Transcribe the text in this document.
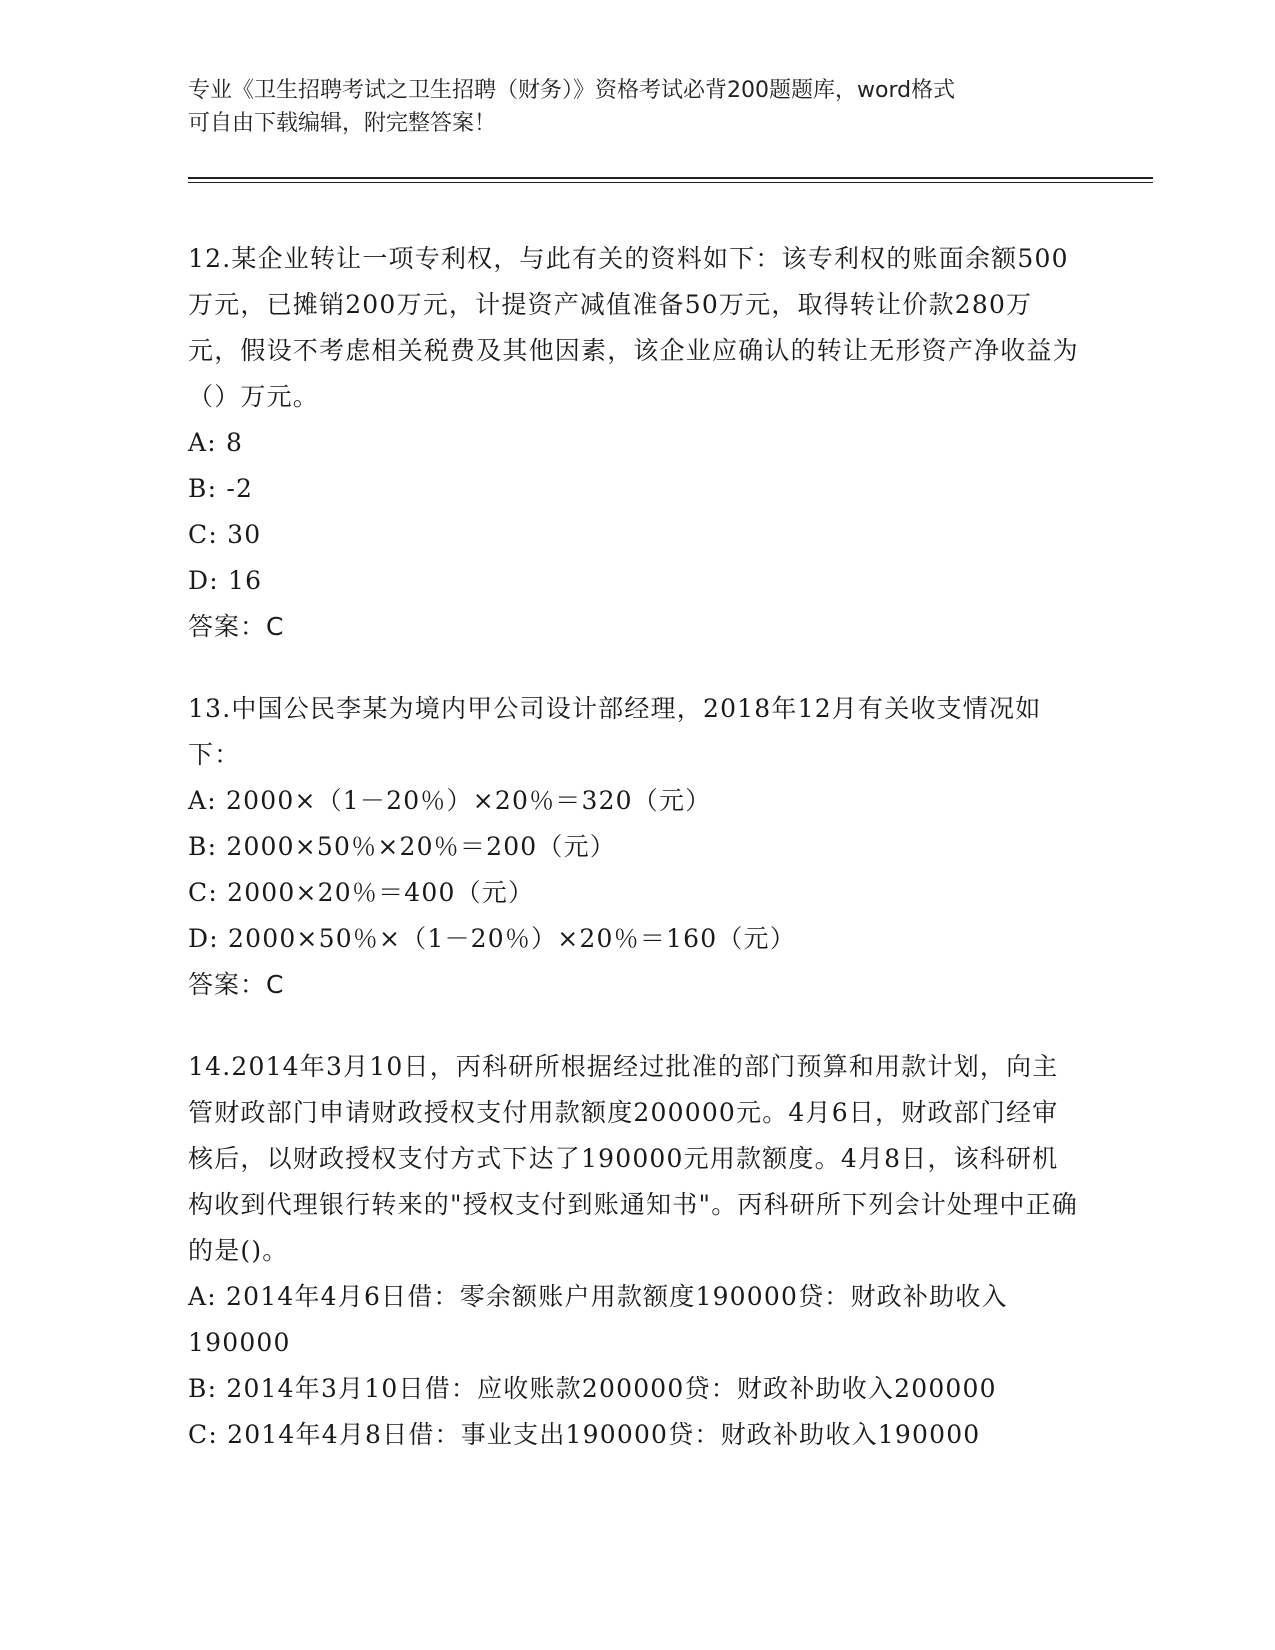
专业《卫生招聘考试之卫生招聘（财务）》资格考试必背200题题库，word格式
可自由下载编辑，附完整答案！
12.某企业转让一项专利权，与此有关的资料如下：该专利权的账面余额500万元，已摊销200万元，计提资产减值准备50万元，取得转让价款280万元，假设不考虑相关税费及其他因素，该企业应确认的转让无形资产净收益为（）万元。
A: 8
B: -2
C: 30
D: 16
答案：C
13.中国公民李某为境内甲公司设计部经理，2018年12月有关收支情况如下：
A: 2000×（1－20％）×20％＝320（元）
B: 2000×50％×20％＝200（元）
C: 2000×20％＝400（元）
D: 2000×50％×（1－20％）×20％＝160（元）
答案：C
14.2014年3月10日，丙科研所根据经过批准的部门预算和用款计划，向主管财政部门申请财政授权支付用款额度200000元。4月6日，财政部门经审核后，以财政授权支付方式下达了190000元用款额度。4月8日，该科研机构收到代理银行转来的"授权支付到账通知书"。丙科研所下列会计处理中正确的是()。
A: 2014年4月6日借：零余额账户用款额度190000贷：财政补助收入190000
B: 2014年3月10日借：应收账款200000贷：财政补助收入200000
C: 2014年4月8日借：事业支出190000贷：财政补助收入190000
